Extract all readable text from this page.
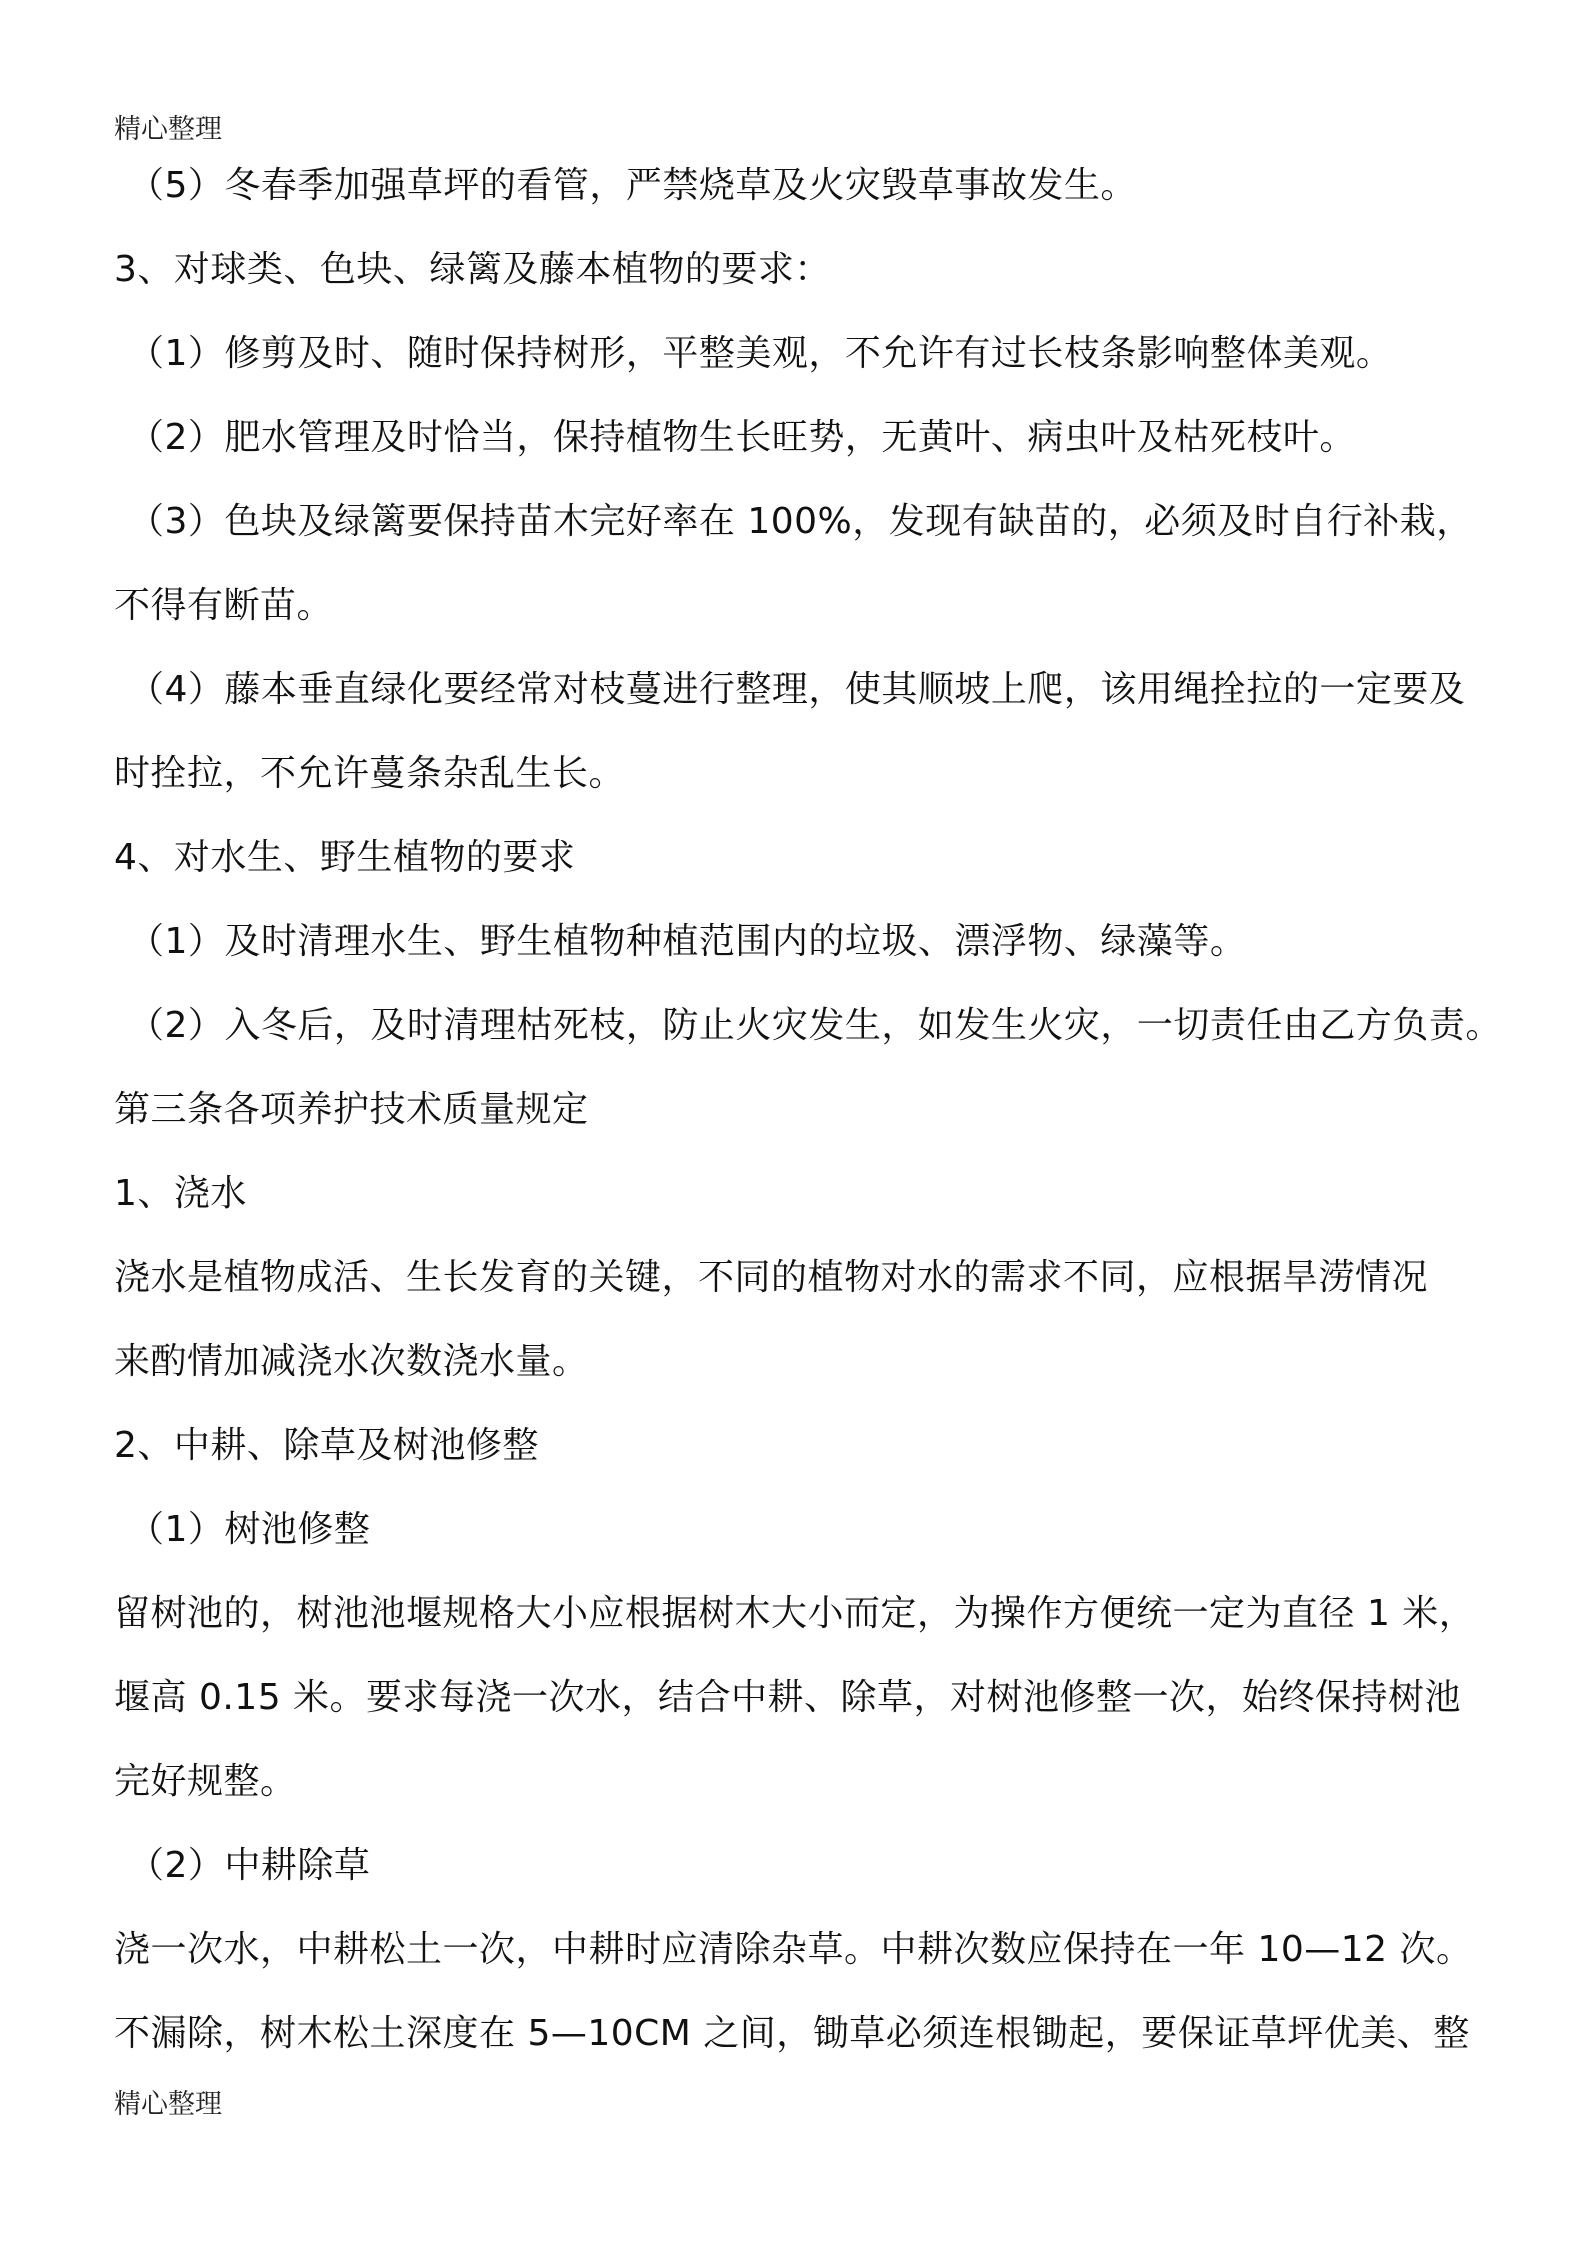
精心整理
（5）冬春季加强草坪的看管，严禁烧草及火灾毁草事故发生。
3、对球类、色块、绿篱及藤本植物的要求：
（1）修剪及时、随时保持树形，平整美观，不允许有过长枝条影响整体美观。
（2）肥水管理及时恰当，保持植物生长旺势，无黄叶、病虫叶及枯死枝叶。
（3）色块及绿篱要保持苗木完好率在 100%，发现有缺苗的，必须及时自行补栽，
不得有断苗。
（4）藤本垂直绿化要经常对枝蔓进行整理，使其顺坡上爬，该用绳拴拉的一定要及
时拴拉，不允许蔓条杂乱生长。
4、对水生、野生植物的要求
（1）及时清理水生、野生植物种植范围内的垃圾、漂浮物、绿藻等。
（2）入冬后，及时清理枯死枝，防止火灾发生，如发生火灾，一切责任由乙方负责。
第三条各项养护技术质量规定
1、浇水
浇水是植物成活、生长发育的关键，不同的植物对水的需求不同，应根据旱涝情况
来酌情加减浇水次数浇水量。
2、中耕、除草及树池修整
（1）树池修整
留树池的，树池池堰规格大小应根据树木大小而定，为操作方便统一定为直径 1 米，
堰高 0.15 米。要求每浇一次水，结合中耕、除草，对树池修整一次，始终保持树池
完好规整。
（2）中耕除草
浇一次水，中耕松土一次，中耕时应清除杂草。中耕次数应保持在一年 10—12 次。
不漏除，树木松土深度在 5—10CM 之间，锄草必须连根锄起，要保证草坪优美、整
精心整理
